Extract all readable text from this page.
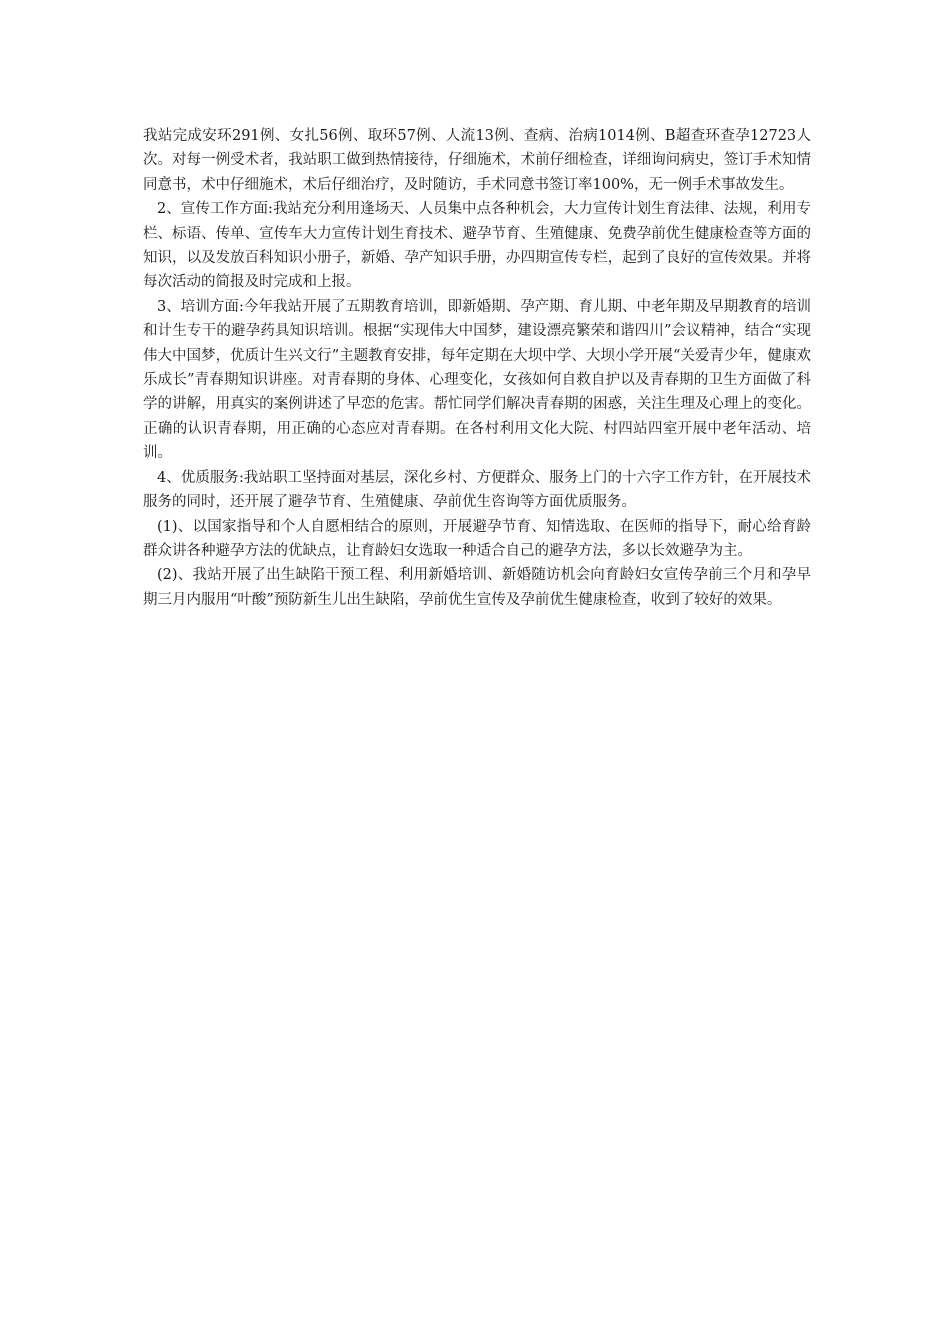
我站完成安环291例、女扎56例、取环57例、人流13例、查病、治病1014例、B超查环查孕12723人次。对每一例受术者，我站职工做到热情接待，仔细施术，术前仔细检查，详细询问病史，签订手术知情同意书，术中仔细施术，术后仔细治疗，及时随访，手术同意书签订率100%，无一例手术事故发生。

2、宣传工作方面:我站充分利用逢场天、人员集中点各种机会，大力宣传计划生育法律、法规，利用专栏、标语、传单、宣传车大力宣传计划生育技术、避孕节育、生殖健康、免费孕前优生健康检查等方面的知识，以及发放百科知识小册子，新婚、孕产知识手册，办四期宣传专栏，起到了良好的宣传效果。并将每次活动的简报及时完成和上报。

3、培训方面:今年我站开展了五期教育培训，即新婚期、孕产期、育儿期、中老年期及早期教育的培训和计生专干的避孕药具知识培训。根据“实现伟大中国梦，建设漂亮繁荣和谐四川”会议精神，结合“实现伟大中国梦，优质计生兴文行”主题教育安排，每年定期在大坝中学、大坝小学开展“关爱青少年，健康欢乐成长”青春期知识讲座。对青春期的身体、心理变化，女孩如何自救自护以及青春期的卫生方面做了科学的讲解，用真实的案例讲述了早恋的危害。帮忙同学们解决青春期的困惑，关注生理及心理上的变化。正确的认识青春期，用正确的心态应对青春期。在各村利用文化大院、村四站四室开展中老年活动、培训。

4、优质服务:我站职工坚持面对基层，深化乡村、方便群众、服务上门的十六字工作方针，在开展技术服务的同时，还开展了避孕节育、生殖健康、孕前优生咨询等方面优质服务。

(1)、以国家指导和个人自愿相结合的原则，开展避孕节育、知情选取、在医师的指导下，耐心给育龄群众讲各种避孕方法的优缺点，让育龄妇女选取一种适合自己的避孕方法，多以长效避孕为主。

(2)、我站开展了出生缺陷干预工程、利用新婚培训、新婚随访机会向育龄妇女宣传孕前三个月和孕早期三月内服用“叶酸”预防新生儿出生缺陷，孕前优生宣传及孕前优生健康检查，收到了较好的效果。
